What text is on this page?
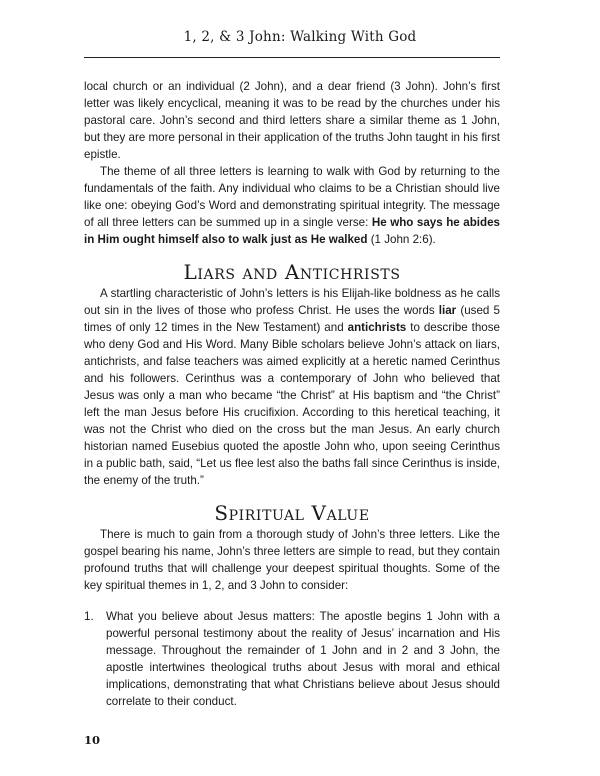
1, 2, & 3 John: Walking With God

local church or an individual (2 John), and a dear friend (3 John). John’s first letter was likely encyclical, meaning it was to be read by the churches under his pastoral care. John’s second and third letters share a similar theme as 1 John, but they are more personal in their application of the truths John taught in his first epistle.

The theme of all three letters is learning to walk with God by returning to the fundamentals of the faith. Any individual who claims to be a Christian should live like one: obeying God’s Word and demonstrating spiritual integrity. The message of all three letters can be summed up in a single verse: He who says he abides in Him ought himself also to walk just as He walked (1 John 2:6).

Liars and Antichrists

A startling characteristic of John’s letters is his Elijah-like boldness as he calls out sin in the lives of those who profess Christ. He uses the words liar (used 5 times of only 12 times in the New Testament) and antichrists to describe those who deny God and His Word. Many Bible scholars believe John’s attack on liars, antichrists, and false teachers was aimed explicitly at a heretic named Cerinthus and his followers. Cerinthus was a contemporary of John who believed that Jesus was only a man who became “the Christ” at His baptism and “the Christ” left the man Jesus before His crucifixion. According to this heretical teaching, it was not the Christ who died on the cross but the man Jesus. An early church historian named Eusebius quoted the apostle John who, upon seeing Cerinthus in a public bath, said, “Let us flee lest also the baths fall since Cerinthus is inside, the enemy of the truth.”

Spiritual Value

There is much to gain from a thorough study of John’s three letters. Like the gospel bearing his name, John’s three letters are simple to read, but they contain profound truths that will challenge your deepest spiritual thoughts. Some of the key spiritual themes in 1, 2, and 3 John to consider:

1. What you believe about Jesus matters: The apostle begins 1 John with a powerful personal testimony about the reality of Jesus’ incarnation and His message. Throughout the remainder of 1 John and in 2 and 3 John, the apostle intertwines theological truths about Jesus with moral and ethical implications, demonstrating that what Christians believe about Jesus should correlate to their conduct.
10
